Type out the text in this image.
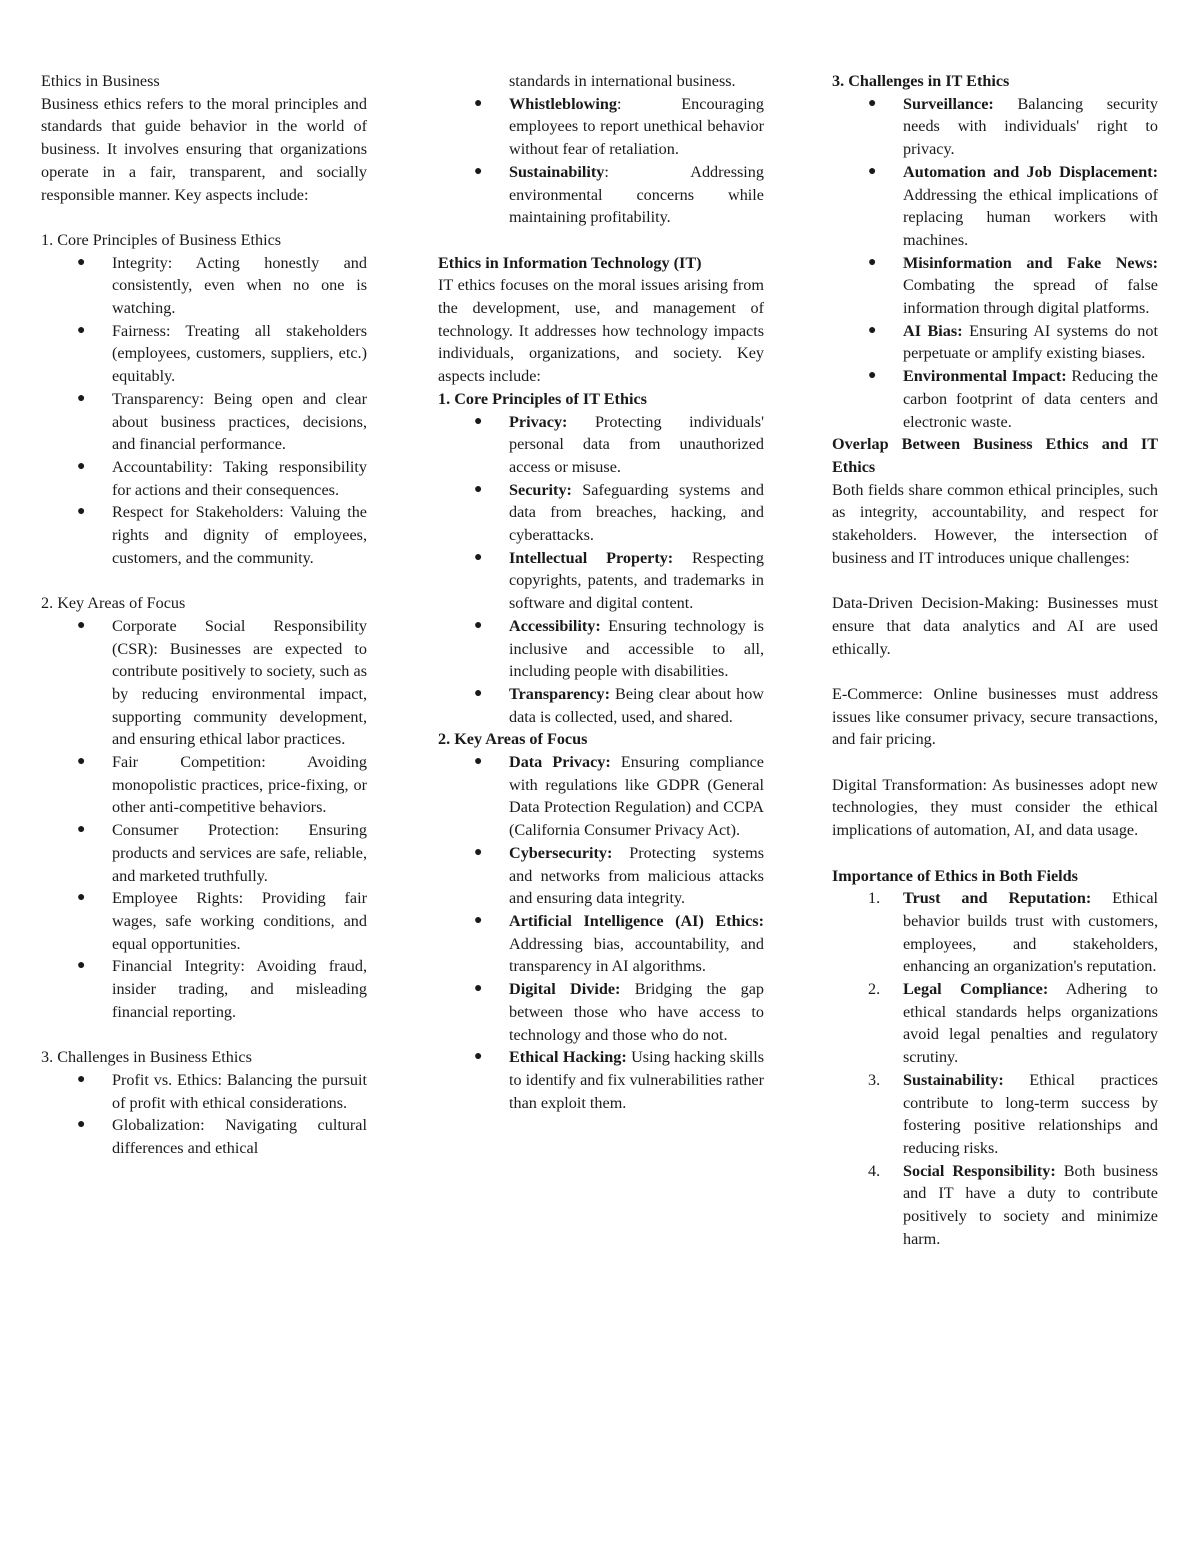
Ethics in Business

Business ethics refers to the moral principles and standards that guide behavior in the world of business. It involves ensuring that organizations operate in a fair, transparent, and socially responsible manner. Key aspects include:

1. Core Principles of Business Ethics

● Integrity: Acting honestly and consistently, even when no one is watching.
● Fairness: Treating all stakeholders (employees, customers, suppliers, etc.) equitably.
● Transparency: Being open and clear about business practices, decisions, and financial performance.
● Accountability: Taking responsibility for actions and their consequences.
● Respect for Stakeholders: Valuing the rights and dignity of employees, customers, and the community.

2. Key Areas of Focus

● Corporate Social Responsibility (CSR): Businesses are expected to contribute positively to society, such as by reducing environmental impact, supporting community development, and ensuring ethical labor practices.
● Fair Competition: Avoiding monopolistic practices, price-fixing, or other anti-competitive behaviors.
● Consumer Protection: Ensuring products and services are safe, reliable, and marketed truthfully.
● Employee Rights: Providing fair wages, safe working conditions, and equal opportunities.
● Financial Integrity: Avoiding fraud, insider trading, and misleading financial reporting.

3. Challenges in Business Ethics

● Profit vs. Ethics: Balancing the pursuit of profit with ethical considerations.
● Globalization: Navigating cultural differences and ethical
standards in international business.
● Whistleblowing: Encouraging employees to report unethical behavior without fear of retaliation.
● Sustainability: Addressing environmental concerns while maintaining profitability.

Ethics in Information Technology (IT)

IT ethics focuses on the moral issues arising from the development, use, and management of technology. It addresses how technology impacts individuals, organizations, and society. Key aspects include:

1. Core Principles of IT Ethics

● Privacy: Protecting individuals' personal data from unauthorized access or misuse.
● Security: Safeguarding systems and data from breaches, hacking, and cyberattacks.
● Intellectual Property: Respecting copyrights, patents, and trademarks in software and digital content.
● Accessibility: Ensuring technology is inclusive and accessible to all, including people with disabilities.
● Transparency: Being clear about how data is collected, used, and shared.

2. Key Areas of Focus

● Data Privacy: Ensuring compliance with regulations like GDPR (General Data Protection Regulation) and CCPA (California Consumer Privacy Act).
● Cybersecurity: Protecting systems and networks from malicious attacks and ensuring data integrity.
● Artificial Intelligence (AI) Ethics: Addressing bias, accountability, and transparency in AI algorithms.
● Digital Divide: Bridging the gap between those who have access to technology and those who do not.
● Ethical Hacking: Using hacking skills to identify and fix vulnerabilities rather than exploit them.

3. Challenges in IT Ethics

● Surveillance: Balancing security needs with individuals' right to privacy.
● Automation and Job Displacement: Addressing the ethical implications of replacing human workers with machines.
● Misinformation and Fake News: Combating the spread of false information through digital platforms.
● AI Bias: Ensuring AI systems do not perpetuate or amplify existing biases.
● Environmental Impact: Reducing the carbon footprint of data centers and electronic waste.

Overlap Between Business Ethics and IT Ethics

Both fields share common ethical principles, such as integrity, accountability, and respect for stakeholders. However, the intersection of business and IT introduces unique challenges:

Data-Driven Decision-Making: Businesses must ensure that data analytics and AI are used ethically.

E-Commerce: Online businesses must address issues like consumer privacy, secure transactions, and fair pricing.

Digital Transformation: As businesses adopt new technologies, they must consider the ethical implications of automation, AI, and data usage.

Importance of Ethics in Both Fields

1. Trust and Reputation: Ethical behavior builds trust with customers, employees, and stakeholders, enhancing an organization's reputation.
2. Legal Compliance: Adhering to ethical standards helps organizations avoid legal penalties and regulatory scrutiny.
3. Sustainability: Ethical practices contribute to long-term success by fostering positive relationships and reducing risks.
4. Social Responsibility: Both business and IT have a duty to contribute positively to society and minimize harm.
